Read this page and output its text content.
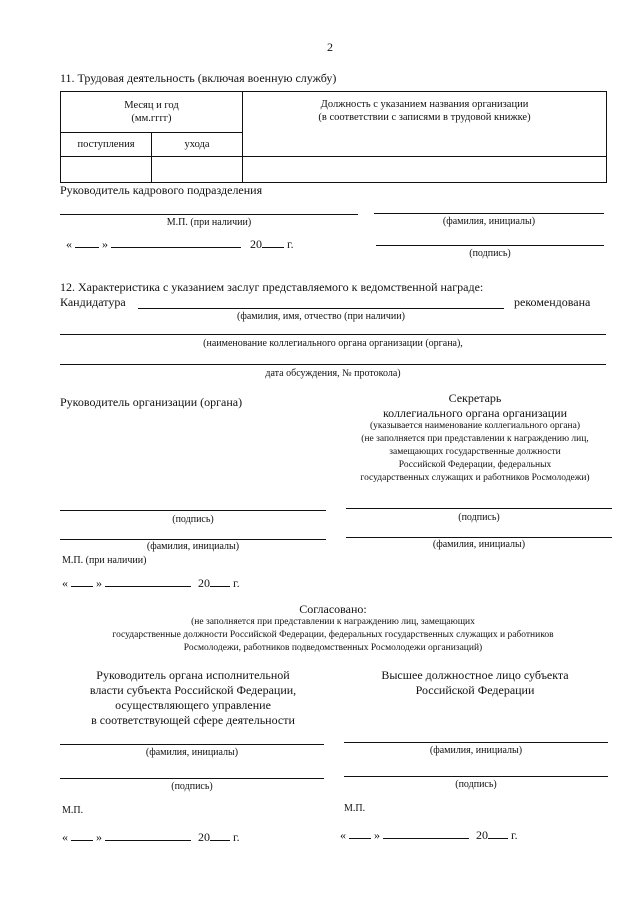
2
11. Трудовая деятельность (включая военную службу)
Месяц и год
(мм.гггг)		Должность с указанием названия организации
(в соответствии с записями в трудовой книжке)
поступления	ухода	

Руководитель кадрового подразделения
М.П. (при наличии)	(фамилия, инициалы)
«	»	20 г.
(подпись)
12. Характеристика с указанием заслуг представляемого к ведомственной награде:
Кандидатура	рекомендована
(фамилия, имя, отчество (при наличии)
(наименование коллегиального органа организации (органа),
дата обсуждения, № протокола)
Руководитель организации (органа)	Секретарь
коллегиального органа организации
(указывается наименование коллегиального органа)
(не заполняется при представлении к награждению лиц,
замещающих государственные должности
Российской Федерации, федеральных
государственных служащих и работников Росмолодежи)
(подпись)	(подпись)
(фамилия, инициалы)	(фамилия, инициалы)
М.П. (при наличии)
« »	20 г.
Согласовано:
(не заполняется при представлении к награждению лиц, замещающих
государственные должности Российской Федерации, федеральных государственных служащих и работников
Росмолодежи, работников подведомственных Росмолодежи организаций)
Руководитель органа исполнительной
власти субъекта Российской Федерации,
осуществляющего управление
в соответствующей сфере деятельности
Высшее должностное лицо субъекта
Российской Федерации
(фамилия, инициалы)	(фамилия, инициалы)
(подпись)	(подпись)
М.П.	М.П.
« »	20 г.	« »	20 г.
